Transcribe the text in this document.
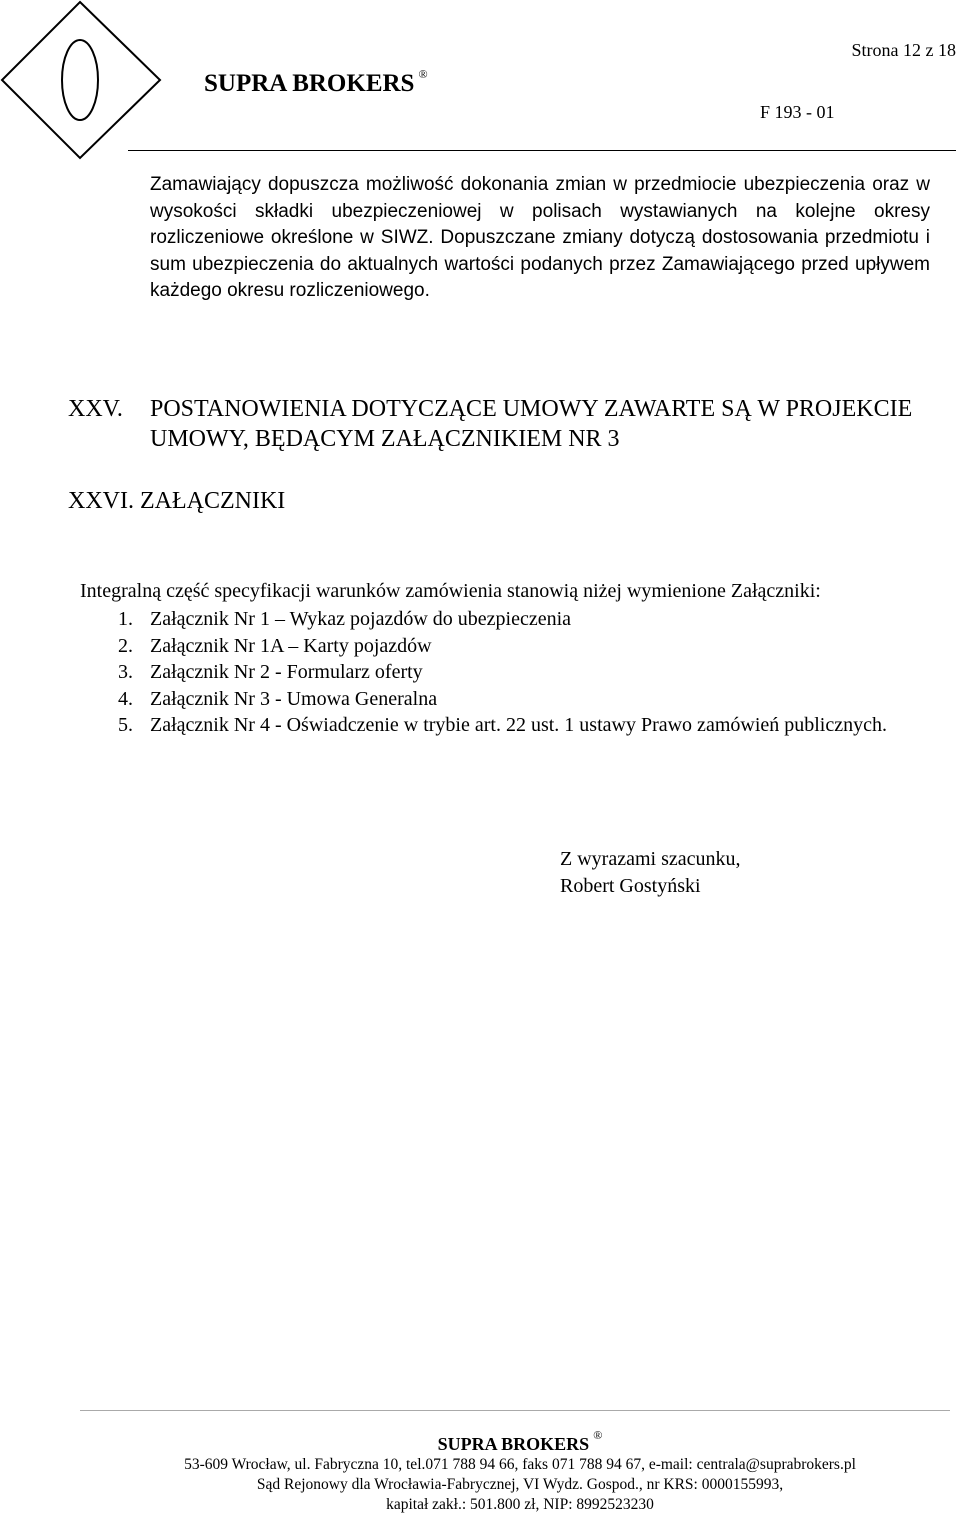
SUPRA BROKERS ®
Strona 12 z 18
F 193 - 01
Zamawiający dopuszcza możliwość dokonania zmian w przedmiocie ubezpieczenia oraz w wysokości składki ubezpieczeniowej w polisach wystawianych na kolejne okresy rozliczeniowe określone w SIWZ. Dopuszczane zmiany dotyczą dostosowania przedmiotu i sum ubezpieczenia do aktualnych wartości podanych przez Zamawiającego przed upływem każdego okresu rozliczeniowego.
XXV. POSTANOWIENIA DOTYCZĄCE UMOWY ZAWARTE SĄ W PROJEKCIE UMOWY, BĘDĄCYM ZAŁĄCZNIKIEM NR 3
XXVI. ZAŁĄCZNIKI
Integralną część specyfikacji warunków zamówienia stanowią niżej wymienione Załączniki:
1. Załącznik Nr 1 – Wykaz pojazdów do ubezpieczenia
2. Załącznik Nr 1A – Karty pojazdów
3. Załącznik Nr 2 - Formularz oferty
4. Załącznik Nr 3 - Umowa Generalna
5. Załącznik Nr 4 - Oświadczenie w trybie art. 22 ust. 1 ustawy Prawo zamówień publicznych.
Z wyrazami szacunku,
Robert Gostyński
SUPRA BROKERS ®
53-609 Wrocław, ul. Fabryczna 10, tel.071 788 94 66, faks 071 788 94 67, e-mail: centrala@suprabrokers.pl
Sąd Rejonowy dla Wrocławia-Fabrycznej, VI Wydz. Gospod., nr KRS: 0000155993,
kapitał zakł.: 501.800 zł, NIP: 8992523230
